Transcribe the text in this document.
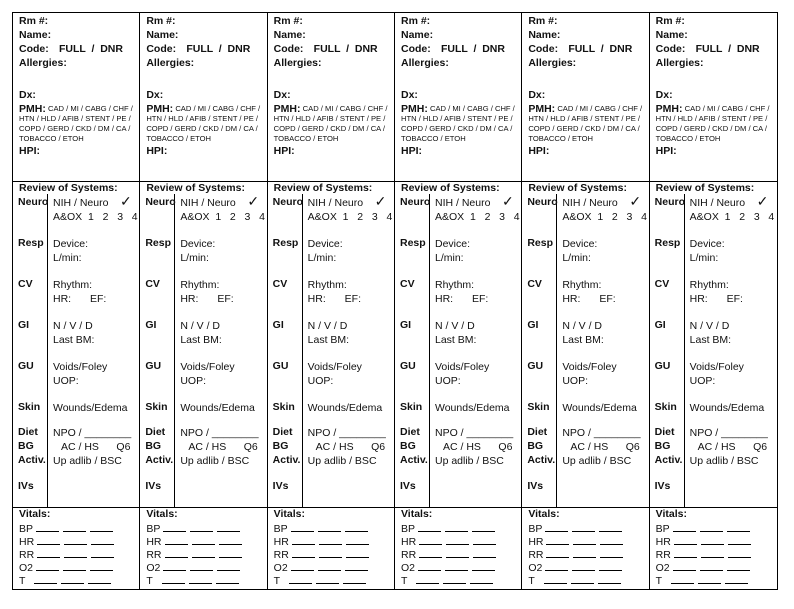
Rm #:
Name:
Code: FULL  /  DNR
Allergies:
Dx:
PMH: CAD / MI / CABG / CHF /
HTN / HLD / AFIB / STENT / PE /
COPD / GERD / CKD / DM / CA /
TOBACCO / ETOH
HPI:
Review of Systems:
Neuro NIH / Neuro ✓
A&OX  1   2   3   4
Resp Device:
L/min:
CV Rhythm:
HR: EF:
GI N / V / D
Last BM:
GU Voids/Foley
UOP:
Skin Wounds/Edema
Diet
BG
Activ.
NPO / ________
AC / HS      Q6
Up adlib / BSC
IVs
Vitals:
BP
HR
RR
O2
T
Rm #:
Name:
Code: FULL  /  DNR
Allergies:
Dx:
PMH: CAD / MI / CABG / CHF /
HTN / HLD / AFIB / STENT / PE /
COPD / GERD / CKD / DM / CA /
TOBACCO / ETOH
HPI:
Review of Systems:
Neuro NIH / Neuro ✓
A&OX  1   2   3   4
Resp Device:
L/min:
CV Rhythm:
HR: EF:
GI N / V / D
Last BM:
GU Voids/Foley
UOP:
Skin Wounds/Edema
Diet
BG
Activ.
NPO / ________
AC / HS      Q6
Up adlib / BSC
IVs
Vitals:
BP
HR
RR
O2
T
Rm #:
Name:
Code: FULL  /  DNR
Allergies:
Dx:
PMH: CAD / MI / CABG / CHF /
HTN / HLD / AFIB / STENT / PE /
COPD / GERD / CKD / DM / CA /
TOBACCO / ETOH
HPI:
Review of Systems:
Neuro NIH / Neuro ✓
A&OX  1   2   3   4
Resp Device:
L/min:
CV Rhythm:
HR: EF:
GI N / V / D
Last BM:
GU Voids/Foley
UOP:
Skin Wounds/Edema
Diet
BG
Activ.
NPO / ________
AC / HS      Q6
Up adlib / BSC
IVs
Vitals:
BP
HR
RR
O2
T
Rm #:
Name:
Code: FULL  /  DNR
Allergies:
Dx:
PMH: CAD / MI / CABG / CHF /
HTN / HLD / AFIB / STENT / PE /
COPD / GERD / CKD / DM / CA /
TOBACCO / ETOH
HPI:
Review of Systems:
Neuro NIH / Neuro ✓
A&OX  1   2   3   4
Resp Device:
L/min:
CV Rhythm:
HR: EF:
GI N / V / D
Last BM:
GU Voids/Foley
UOP:
Skin Wounds/Edema
Diet
BG
Activ.
NPO / ________
AC / HS      Q6
Up adlib / BSC
IVs
Vitals:
BP
HR
RR
O2
T
Rm #:
Name:
Code: FULL  /  DNR
Allergies:
Dx:
PMH: CAD / MI / CABG / CHF /
HTN / HLD / AFIB / STENT / PE /
COPD / GERD / CKD / DM / CA /
TOBACCO / ETOH
HPI:
Review of Systems:
Neuro NIH / Neuro ✓
A&OX  1   2   3   4
Resp Device:
L/min:
CV Rhythm:
HR: EF:
GI N / V / D
Last BM:
GU Voids/Foley
UOP:
Skin Wounds/Edema
Diet
BG
Activ.
NPO / ________
AC / HS      Q6
Up adlib / BSC
IVs
Vitals:
BP
HR
RR
O2
T
Rm #:
Name:
Code: FULL  /  DNR
Allergies:
Dx:
PMH: CAD / MI / CABG / CHF /
HTN / HLD / AFIB / STENT / PE /
COPD / GERD / CKD / DM / CA /
TOBACCO / ETOH
HPI:
Review of Systems:
Neuro NIH / Neuro ✓
A&OX  1   2   3   4
Resp Device:
L/min:
CV Rhythm:
HR: EF:
GI N / V / D
Last BM:
GU Voids/Foley
UOP:
Skin Wounds/Edema
Diet
BG
Activ.
NPO / ________
AC / HS      Q6
Up adlib / BSC
IVs
Vitals:
BP
HR
RR
O2
T
